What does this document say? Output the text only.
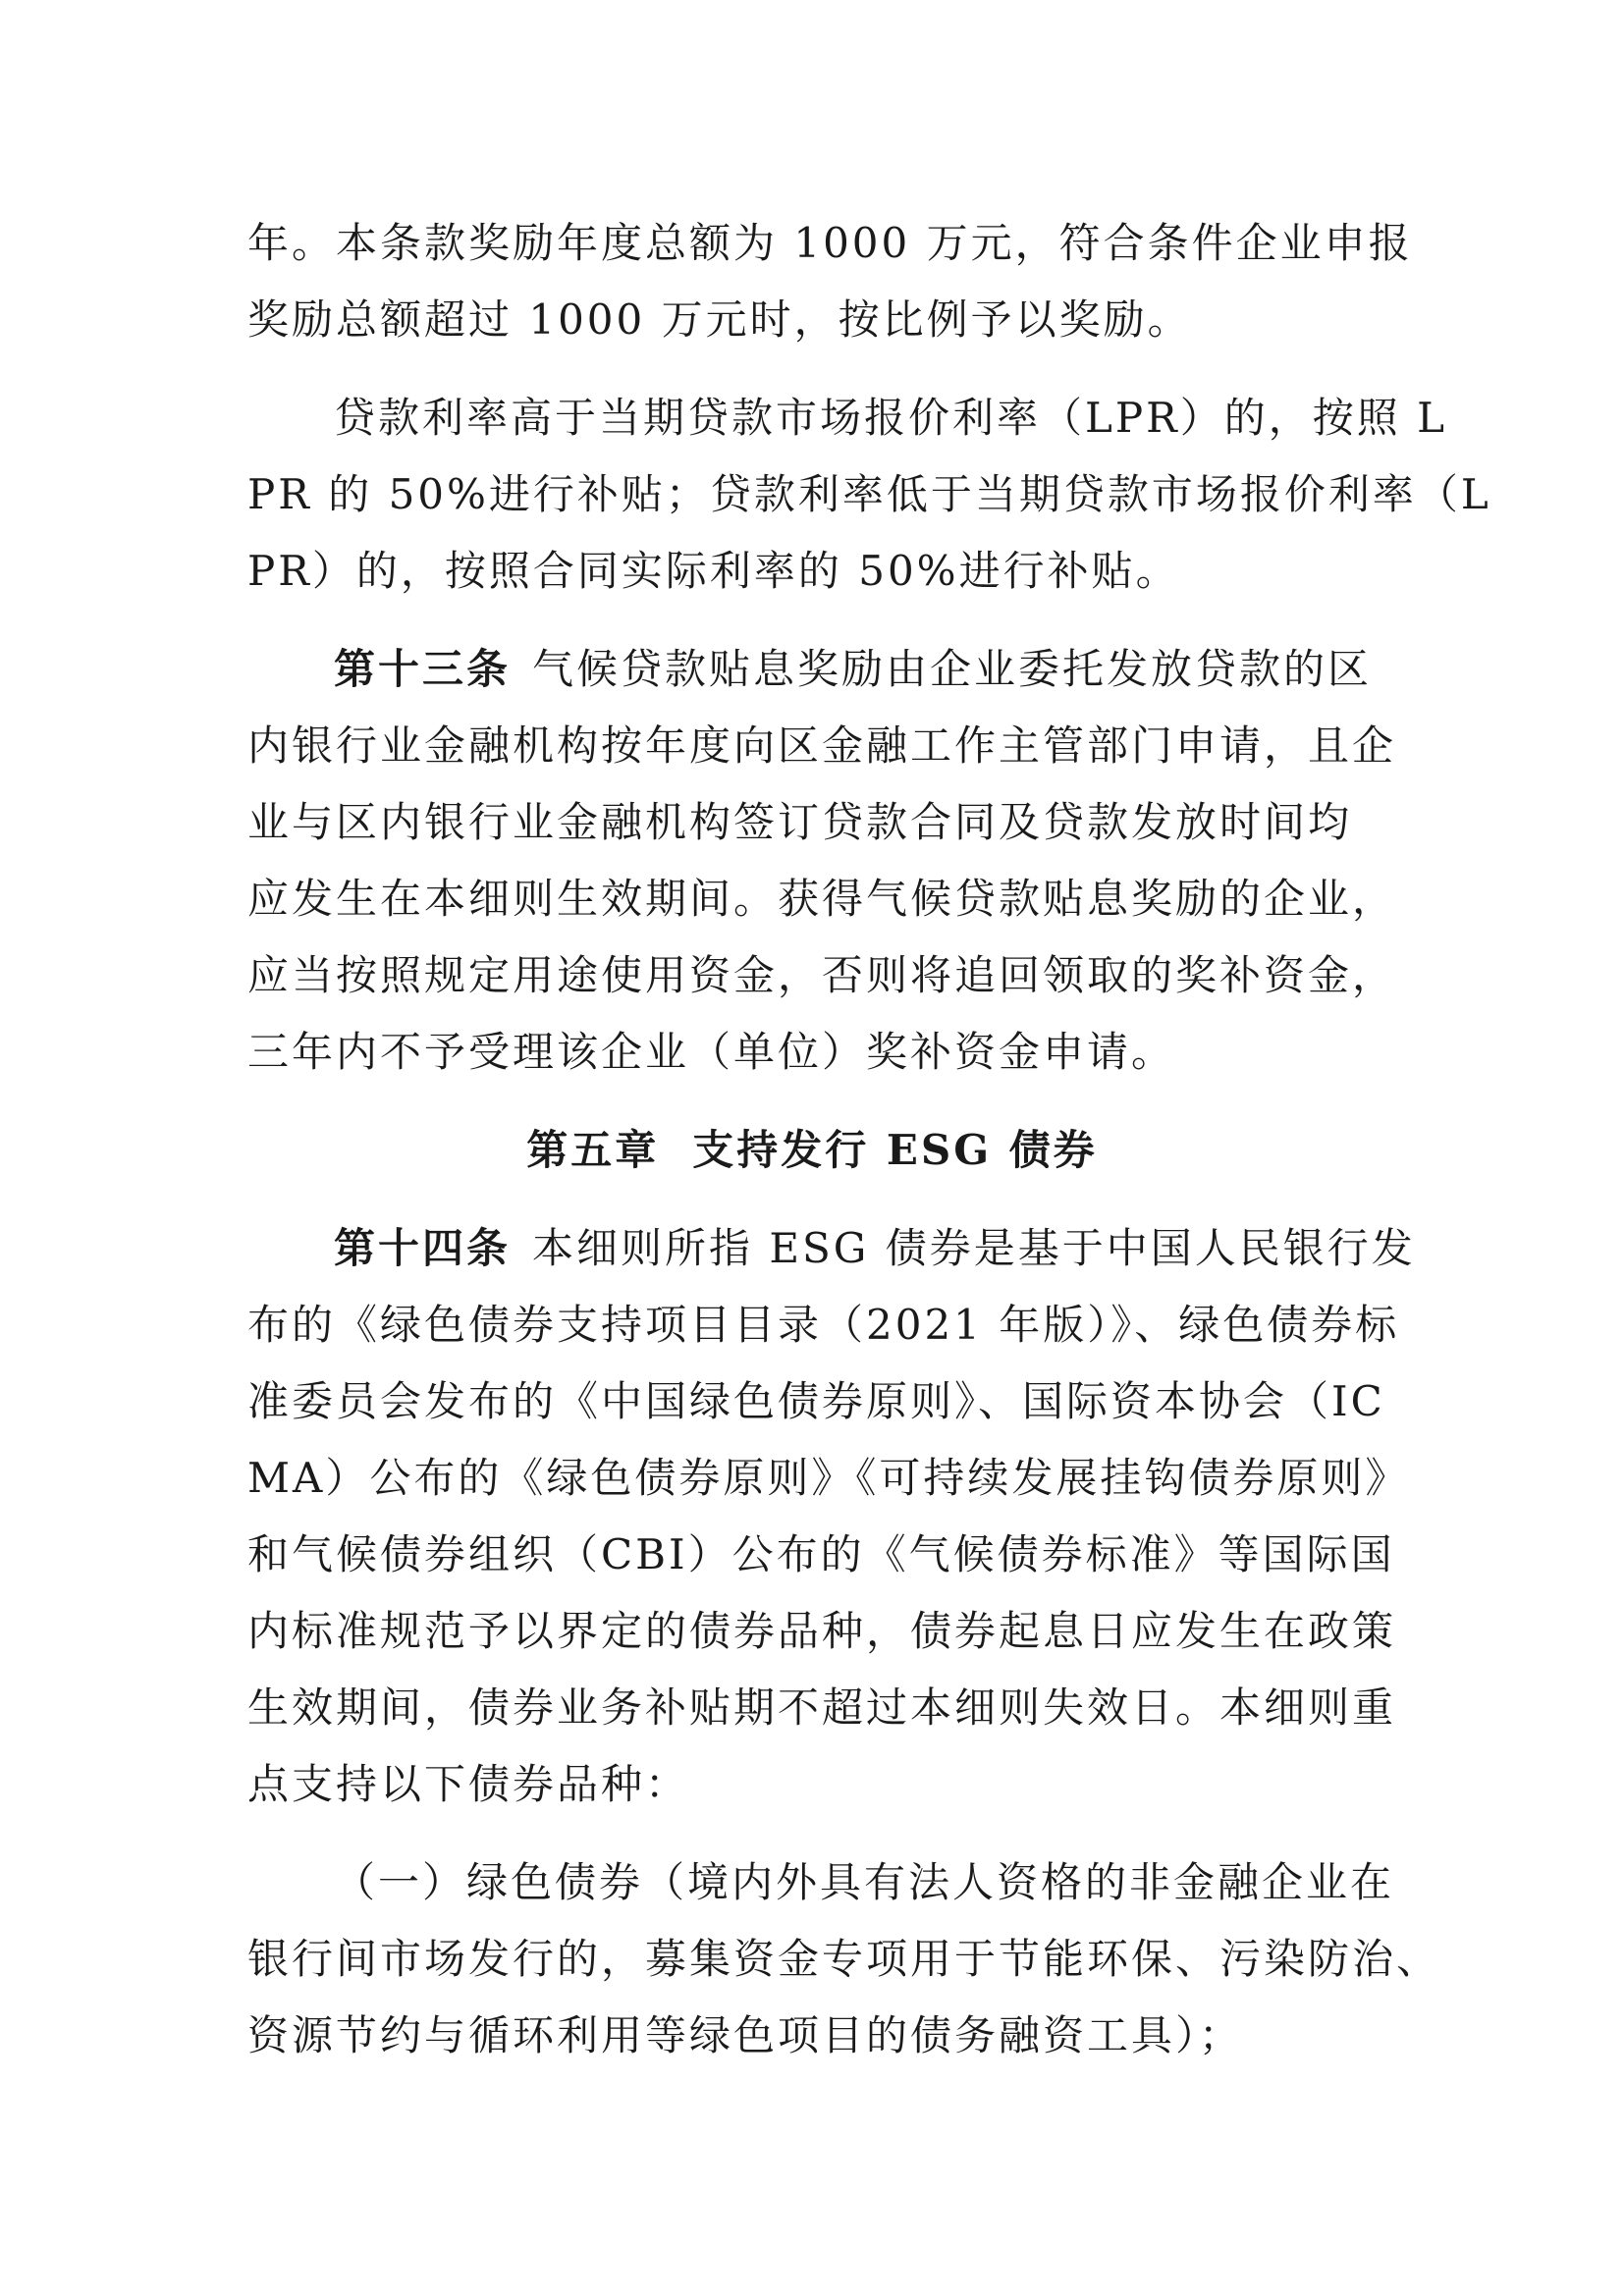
年。本条款奖励年度总额为 1000 万元，符合条件企业申报

奖励总额超过 1000 万元时，按比例予以奖励。

贷款利率高于当期贷款市场报价利率（LPR）的，按照 L

PR 的 50%进行补贴；贷款利率低于当期贷款市场报价利率（L

PR）的，按照合同实际利率的 50%进行补贴。

第十三条 气候贷款贴息奖励由企业委托发放贷款的区

内银行业金融机构按年度向区金融工作主管部门申请，且企

业与区内银行业金融机构签订贷款合同及贷款发放时间均

应发生在本细则生效期间。获得气候贷款贴息奖励的企业，

应当按照规定用途使用资金，否则将追回领取的奖补资金，

三年内不予受理该企业（单位）奖补资金申请。

第五章 支持发行 ESG 债券

第十四条 本细则所指 ESG 债券是基于中国人民银行发

布的《绿色债券支持项目目录（2021 年版）》、绿色债券标

准委员会发布的《中国绿色债券原则》、国际资本协会（IC

MA）公布的《绿色债券原则》《可持续发展挂钩债券原则》

和气候债券组织（CBI）公布的《气候债券标准》等国际国

内标准规范予以界定的债券品种，债券起息日应发生在政策

生效期间，债券业务补贴期不超过本细则失效日。本细则重

点支持以下债券品种：

（一）绿色债券（境内外具有法人资格的非金融企业在

银行间市场发行的，募集资金专项用于节能环保、污染防治、

资源节约与循环利用等绿色项目的债务融资工具）；
